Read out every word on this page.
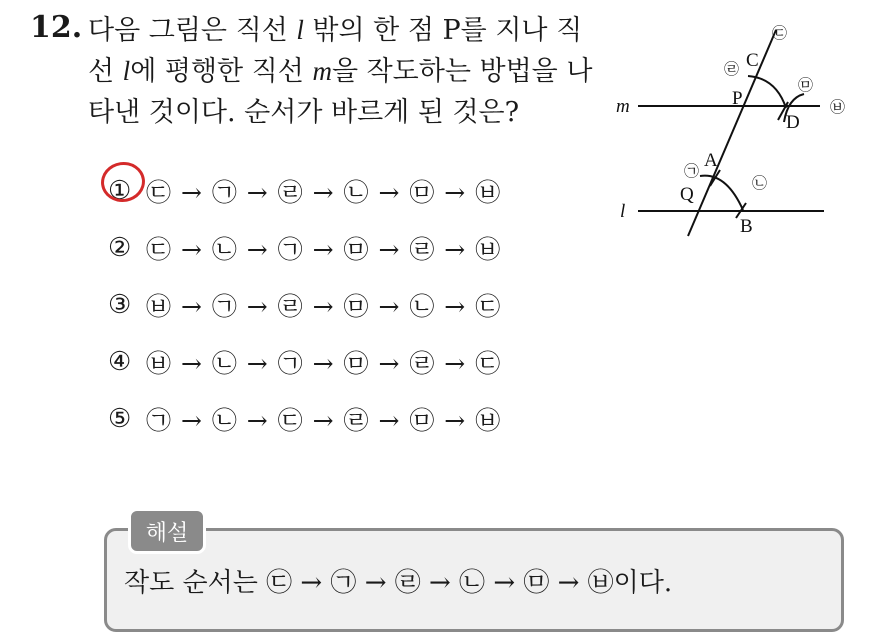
12. 다음 그림은 직선 l 밖의 한 점 P를 지나 직선 l에 평행한 직선 m을 작도하는 방법을 나타낸 것이다. 순서가 바르게 된 것은?
① ㉢ → ㉠ → ㉣ → ㉡ → ㉤ → ㉥
② ㉢ → ㉡ → ㉠ → ㉤ → ㉣ → ㉥
③ ㉥ → ㉠ → ㉣ → ㉤ → ㉡ → ㉢
④ ㉥ → ㉡ → ㉠ → ㉤ → ㉣ → ㉢
⑤ ㉠ → ㉡ → ㉢ → ㉣ → ㉤ → ㉥
m
l
C
P
D
A
Q
B
㉢
㉣
㉤
㉥
㉠
㉡
해설
작도 순서는 ㉢ → ㉠ → ㉣ → ㉡ → ㉤ → ㉥이다.
